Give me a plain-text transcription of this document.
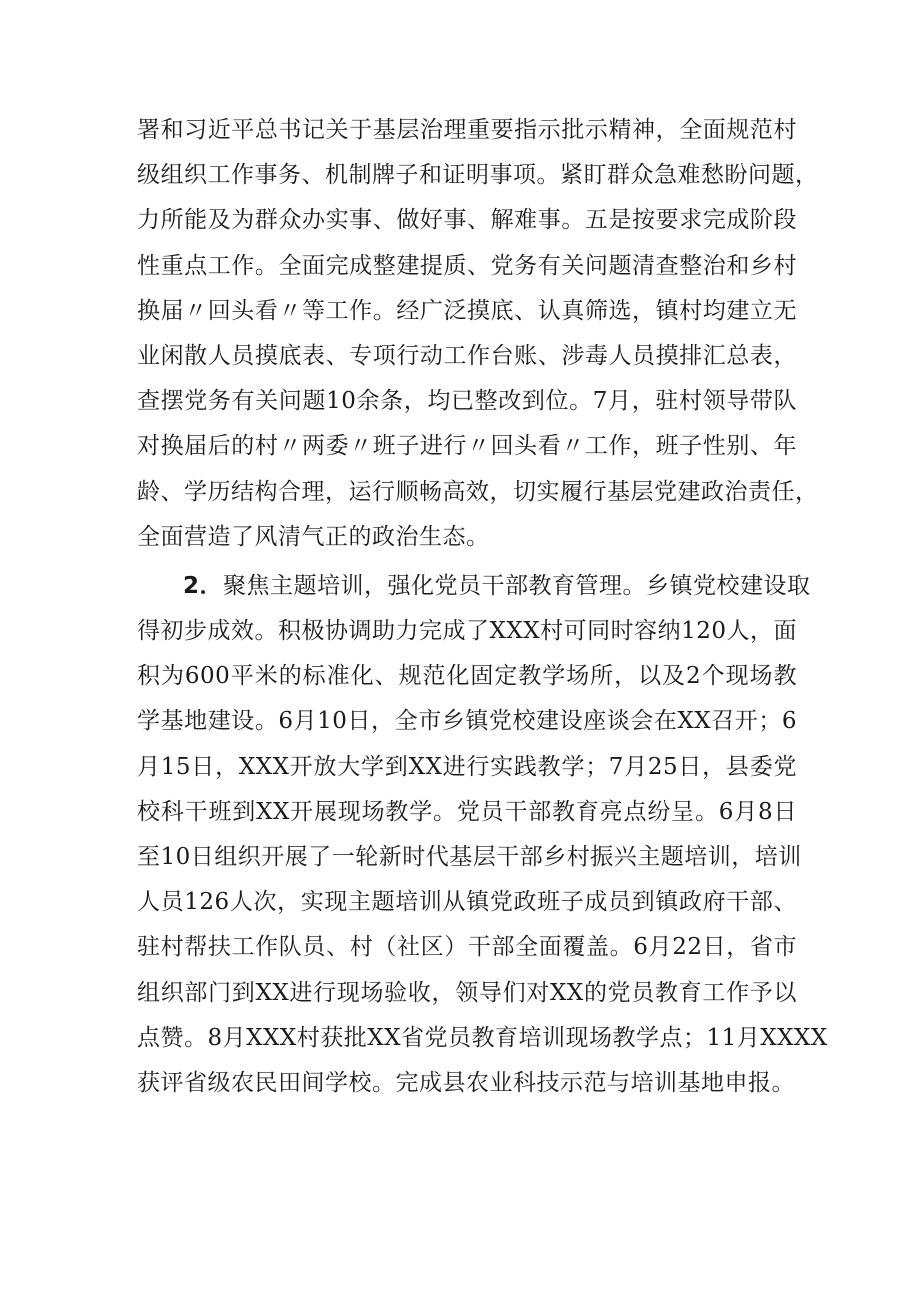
署和习近平总书记关于基层治理重要指示批示精神，全面规范村
级组织工作事务、机制牌子和证明事项。紧盯群众急难愁盼问题，
力所能及为群众办实事、做好事、解难事。五是按要求完成阶段
性重点工作。全面完成整建提质、党务有关问题清查整治和乡村
换届〃回头看〃等工作。经广泛摸底、认真筛选，镇村均建立无
业闲散人员摸底表、专项行动工作台账、涉毒人员摸排汇总表，
查摆党务有关问题10余条，均已整改到位。7月，驻村领导带队
对换届后的村〃两委〃班子进行〃回头看〃工作，班子性别、年
龄、学历结构合理，运行顺畅高效，切实履行基层党建政治责任，
全面营造了风清气正的政治生态。
2．聚焦主题培训，强化党员干部教育管理。乡镇党校建设取
得初步成效。积极协调助力完成了XXX村可同时容纳120人，面
积为600平米的标准化、规范化固定教学场所，以及2个现场教
学基地建设。6月10日，全市乡镇党校建设座谈会在XX召开；6
月15日，XXX开放大学到XX进行实践教学；7月25日，县委党
校科干班到XX开展现场教学。党员干部教育亮点纷呈。6月8日
至10日组织开展了一轮新时代基层干部乡村振兴主题培训，培训
人员126人次，实现主题培训从镇党政班子成员到镇政府干部、
驻村帮扶工作队员、村（社区）干部全面覆盖。6月22日，省市
组织部门到XX进行现场验收，领导们对XX的党员教育工作予以
点赞。8月XXX村获批XX省党员教育培训现场教学点；11月XXXX
获评省级农民田间学校。完成县农业科技示范与培训基地申报。
